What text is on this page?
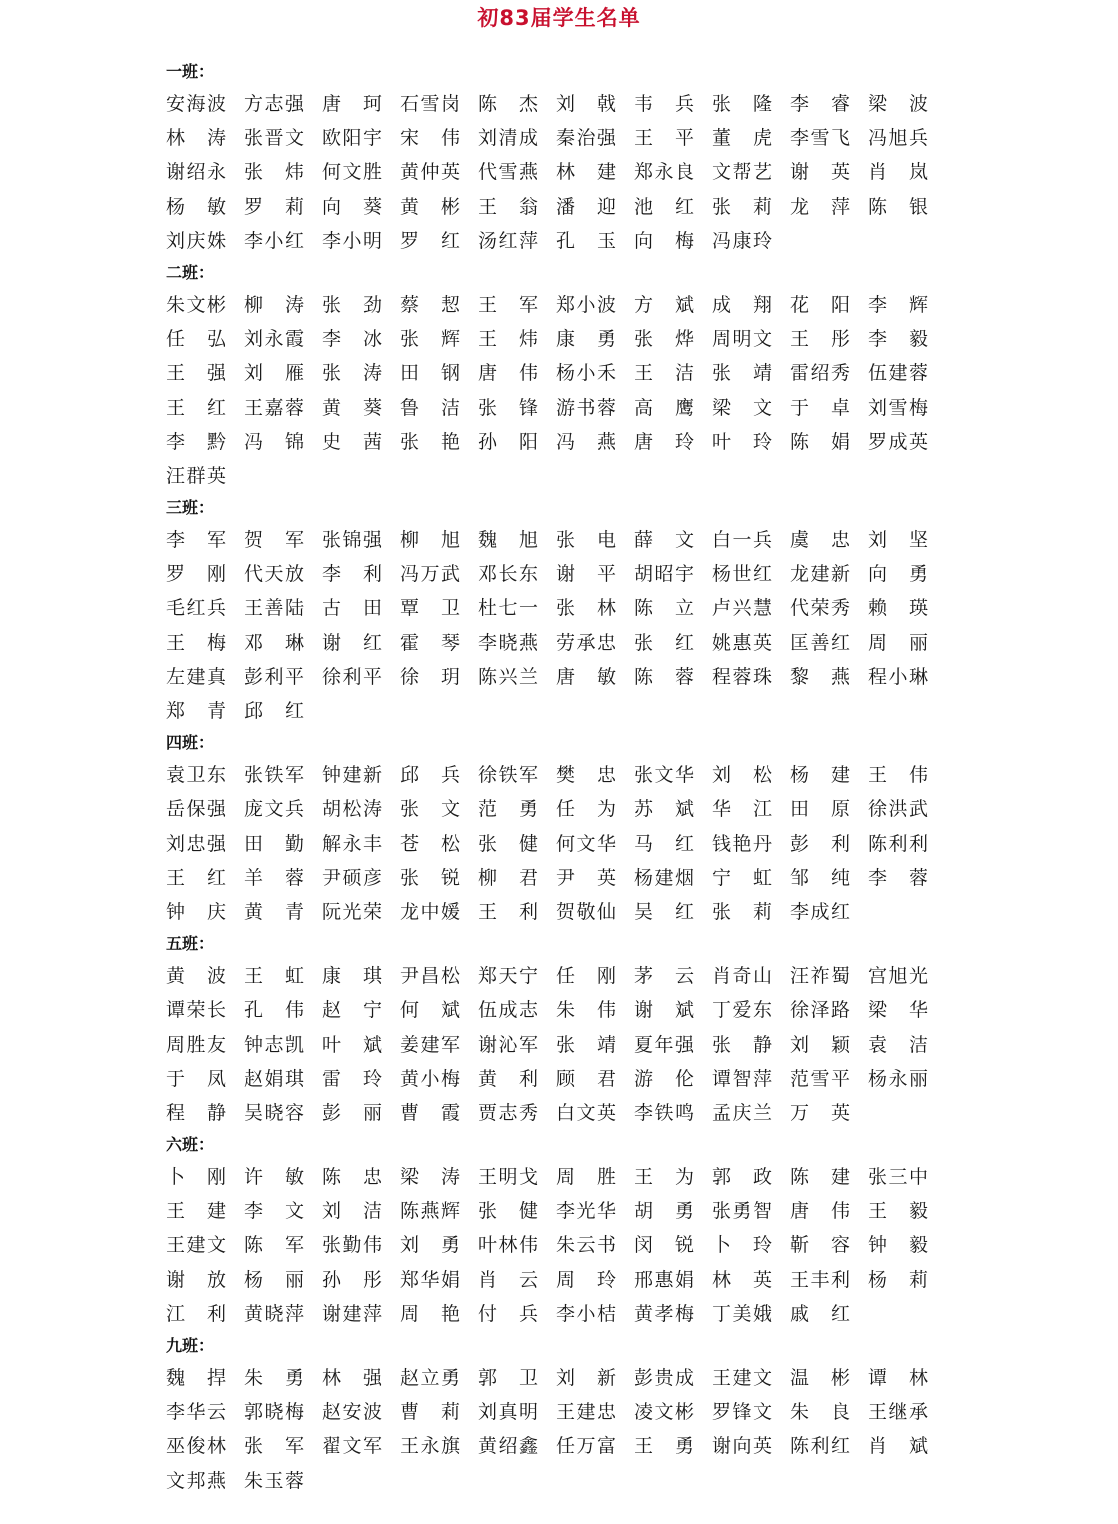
初83届学生名单
一班：
安 海 波 方 志 强 唐 珂 石 雪 岗 陈 杰 刘 戟 韦 兵 张 隆 李 睿 梁 波
林 涛 张 晋 文 欧 阳 宇 宋 伟 刘 清 成 秦 治 强 王 平 董 虎 李 雪 飞 冯 旭 兵
谢 绍 永 张 炜 何 文 胜 黄 仲 英 代 雪 燕 林 建 郑 永 良 文 帮 艺 谢 英 肖 岚
杨 敏 罗 莉 向 葵 黄 彬 王 翁 潘 迎 池 红 张 莉 龙 萍 陈 银
刘 庆 姝 李 小 红 李 小 明 罗 红 汤 红 萍 孔 玉 向 梅 冯 康 玲
二班：
朱 文 彬 柳 涛 张 劲 蔡 恝 王 军 郑 小 波 方 斌 成 翔 花 阳 李 辉
任 弘 刘 永 霞 李 冰 张 辉 王 炜 康 勇 张 烨 周 明 文 王 彤 李 毅
王 强 刘 雁 张 涛 田 钢 唐 伟 杨 小 禾 王 洁 张 靖 雷 绍 秀 伍 建 蓉
王 红 王 嘉 蓉 黄 葵 鲁 洁 张 锋 游 书 蓉 高 鹰 梁 文 于 卓 刘 雪 梅
李 黔 冯 锦 史 茜 张 艳 孙 阳 冯 燕 唐 玲 叶 玲 陈 娟 罗 成 英
汪 群 英
三班：
李 军 贺 军 张 锦 强 柳 旭 魏 旭 张 电 薛 文 白 一 兵 虞 忠 刘 坚
罗 刚 代 天 放 李 利 冯 万 武 邓 长 东 谢 平 胡 昭 宇 杨 世 红 龙 建 新 向 勇
毛 红 兵 王 善 陆 古 田 覃 卫 杜 七 一 张 林 陈 立 卢 兴 慧 代 荣 秀 赖 瑛
王 梅 邓 琳 谢 红 霍 琴 李 晓 燕 劳 承 忠 张 红 姚 惠 英 匡 善 红 周 丽
左 建 真 彭 利 平 徐 利 平 徐 玥 陈 兴 兰 唐 敏 陈 蓉 程 蓉 珠 黎 燕 程 小 琳
郑 青 邱 红
四班：
袁 卫 东 张 铁 军 钟 建 新 邱 兵 徐 铁 军 樊 忠 张 文 华 刘 松 杨 建 王 伟
岳 保 强 庞 文 兵 胡 松 涛 张 文 范 勇 任 为 苏 斌 华 江 田 原 徐 洪 武
刘 忠 强 田 勤 解 永 丰 苍 松 张 健 何 文 华 马 红 钱 艳 丹 彭 利 陈 利 利
王 红 羊 蓉 尹 硕 彦 张 锐 柳 君 尹 英 杨 建 烟 宁 虹 邹 纯 李 蓉
钟 庆 黄 青 阮 光 荣 龙 中 媛 王 利 贺 敬 仙 吴 红 张 莉 李 成 红
五班：
黄 波 王 虹 康 琪 尹 昌 松 郑 天 宁 任 刚 茅 云 肖 奇 山 汪 祚 蜀 宫 旭 光
谭 荣 长 孔 伟 赵 宁 何 斌 伍 成 志 朱 伟 谢 斌 丁 爱 东 徐 泽 路 梁 华
周 胜 友 钟 志 凯 叶 斌 姜 建 军 谢 沁 军 张 靖 夏 年 强 张 静 刘 颖 袁 洁
于 凤 赵 娟 琪 雷 玲 黄 小 梅 黄 利 顾 君 游 伦 谭 智 萍 范 雪 平 杨 永 丽
程 静 吴 晓 容 彭 丽 曹 霞 贾 志 秀 白 文 英 李 铁 鸣 孟 庆 兰 万 英
六班：
卜 刚 许 敏 陈 忠 梁 涛 王 明 戈 周 胜 王 为 郭 政 陈 建 张 三 中
王 建 李 文 刘 洁 陈 燕 辉 张 健 李 光 华 胡 勇 张 勇 智 唐 伟 王 毅
王 建 文 陈 军 张 勤 伟 刘 勇 叶 林 伟 朱 云 书 闵 锐 卜 玲 靳 容 钟 毅
谢 放 杨 丽 孙 彤 郑 华 娟 肖 云 周 玲 邢 惠 娟 林 英 王 丰 利 杨 莉
江 利 黄 晓 萍 谢 建 萍 周 艳 付 兵 李 小 桔 黄 孝 梅 丁 美 娥 戚 红
九班：
魏 捍 朱 勇 林 强 赵 立 勇 郭 卫 刘 新 彭 贵 成 王 建 文 温 彬 谭 林
李 华 云 郭 晓 梅 赵 安 波 曹 莉 刘 真 明 王 建 忠 凌 文 彬 罗 锋 文 朱 良 王 继 承
巫 俊 林 张 军 翟 文 军 王 永 旗 黄 绍 鑫 任 万 富 王 勇 谢 向 英 陈 利 红 肖 斌
文 邦 燕 朱 玉 蓉
